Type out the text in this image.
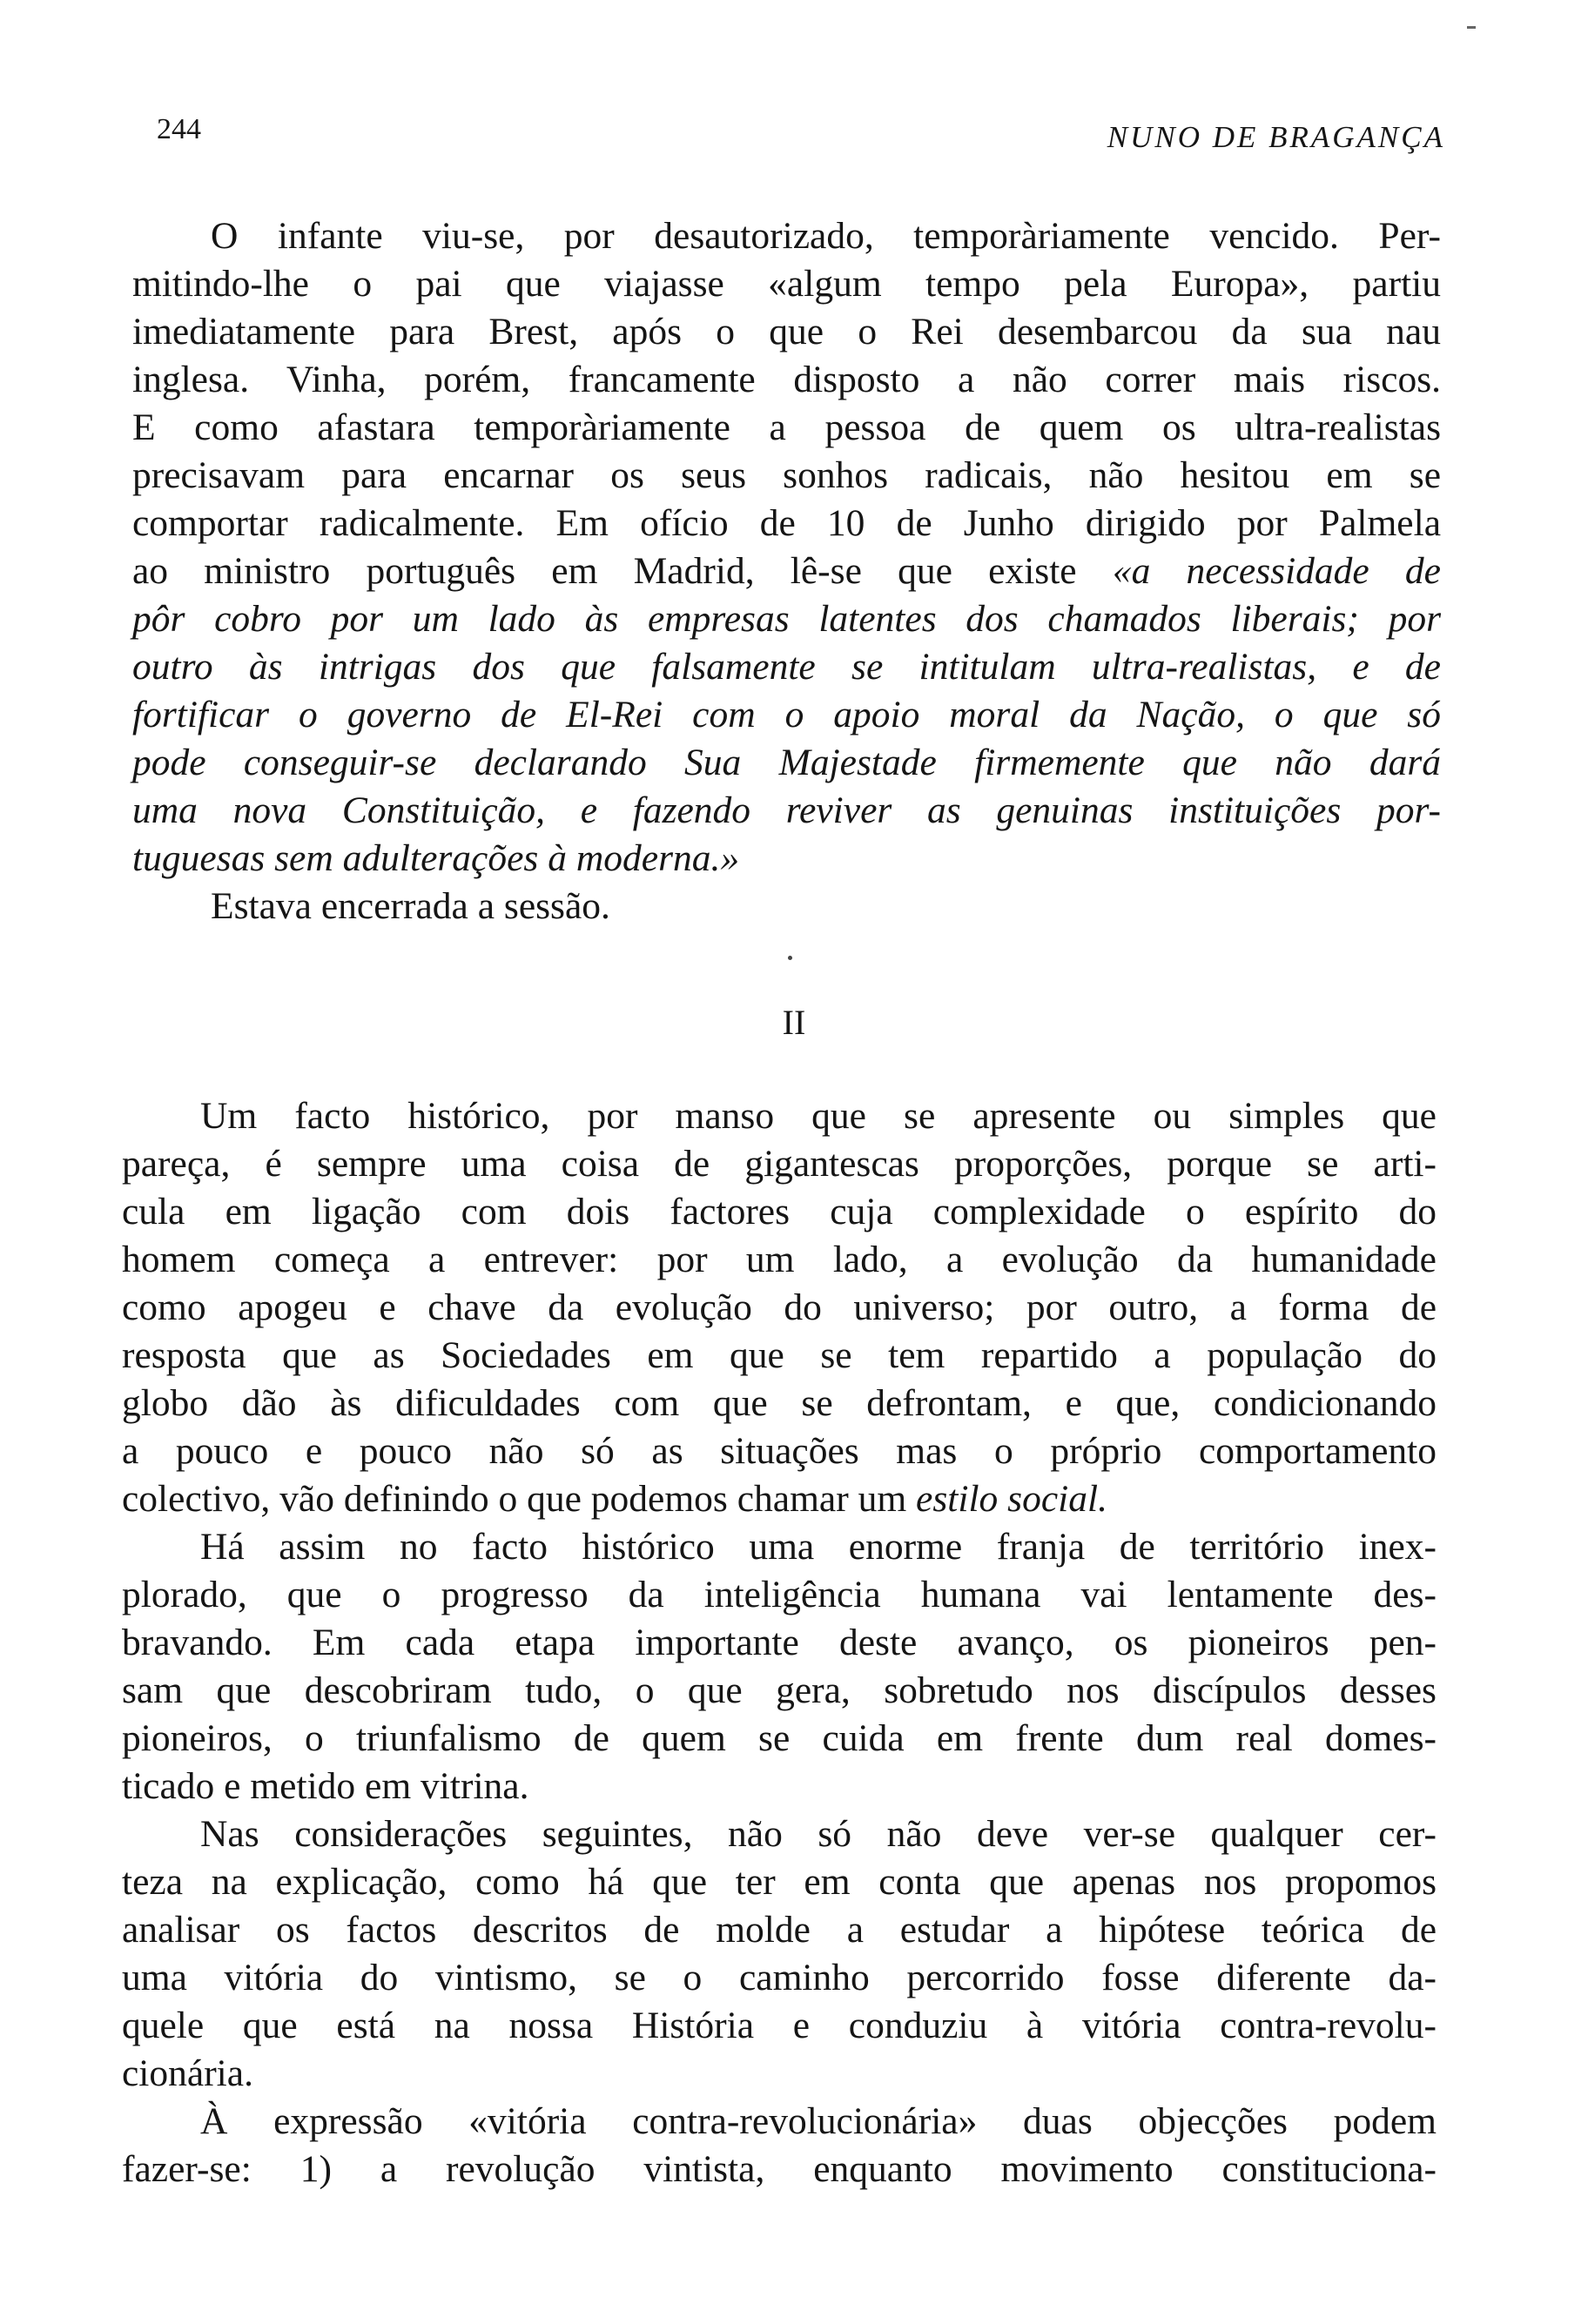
244	NUNO DE BRAGANÇA
O infante viu-se, por desautorizado, temporàriamente vencido. Per-
mitindo-lhe o pai que viajasse «algum tempo pela Europa», partiu
imediatamente para Brest, após o que o Rei desembarcou da sua nau
inglesa. Vinha, porém, francamente disposto a não correr mais riscos.
E como afastara temporàriamente a pessoa de quem os ultra-realistas
precisavam para encarnar os seus sonhos radicais, não hesitou em se
comportar radicalmente. Em ofício de 10 de Junho dirigido por Palmela
ao ministro português em Madrid, lê-se que existe «a necessidade de
pôr cobro por um lado às empresas latentes dos chamados liberais; por
outro às intrigas dos que falsamente se intitulam ultra-realistas, e de
fortificar o governo de El-Rei com o apoio moral da Nação, o que só
pode conseguir-se declarando Sua Majestade firmemente que não dará
uma nova Constituição, e fazendo reviver as genuinas instituições por-
tuguesas sem adulterações à moderna.»
Estava encerrada a sessão.
II
Um facto histórico, por manso que se apresente ou simples que
pareça, é sempre uma coisa de gigantescas proporções, porque se arti-
cula em ligação com dois factores cuja complexidade o espírito do
homem começa a entrever: por um lado, a evolução da humanidade
como apogeu e chave da evolução do universo; por outro, a forma de
resposta que as Sociedades em que se tem repartido a população do
globo dão às dificuldades com que se defrontam, e que, condicionando
a pouco e pouco não só as situações mas o próprio comportamento
colectivo, vão definindo o que podemos chamar um estilo social.
Há assim no facto histórico uma enorme franja de território inex-
plorado, que o progresso da inteligência humana vai lentamente des-
bravando. Em cada etapa importante deste avanço, os pioneiros pen-
sam que descobriram tudo, o que gera, sobretudo nos discípulos desses
pioneiros, o triunfalismo de quem se cuida em frente dum real domes-
ticado e metido em vitrina.
Nas considerações seguintes, não só não deve ver-se qualquer cer-
teza na explicação, como há que ter em conta que apenas nos propomos
analisar os factos descritos de molde a estudar a hipótese teórica de
uma vitória do vintismo, se o caminho percorrido fosse diferente da-
quele que está na nossa História e conduziu à vitória contra-revolu-
cionária.
À expressão «vitória contra-revolucionária» duas objecções podem
fazer-se: 1) a revolução vintista, enquanto movimento constituciona-
